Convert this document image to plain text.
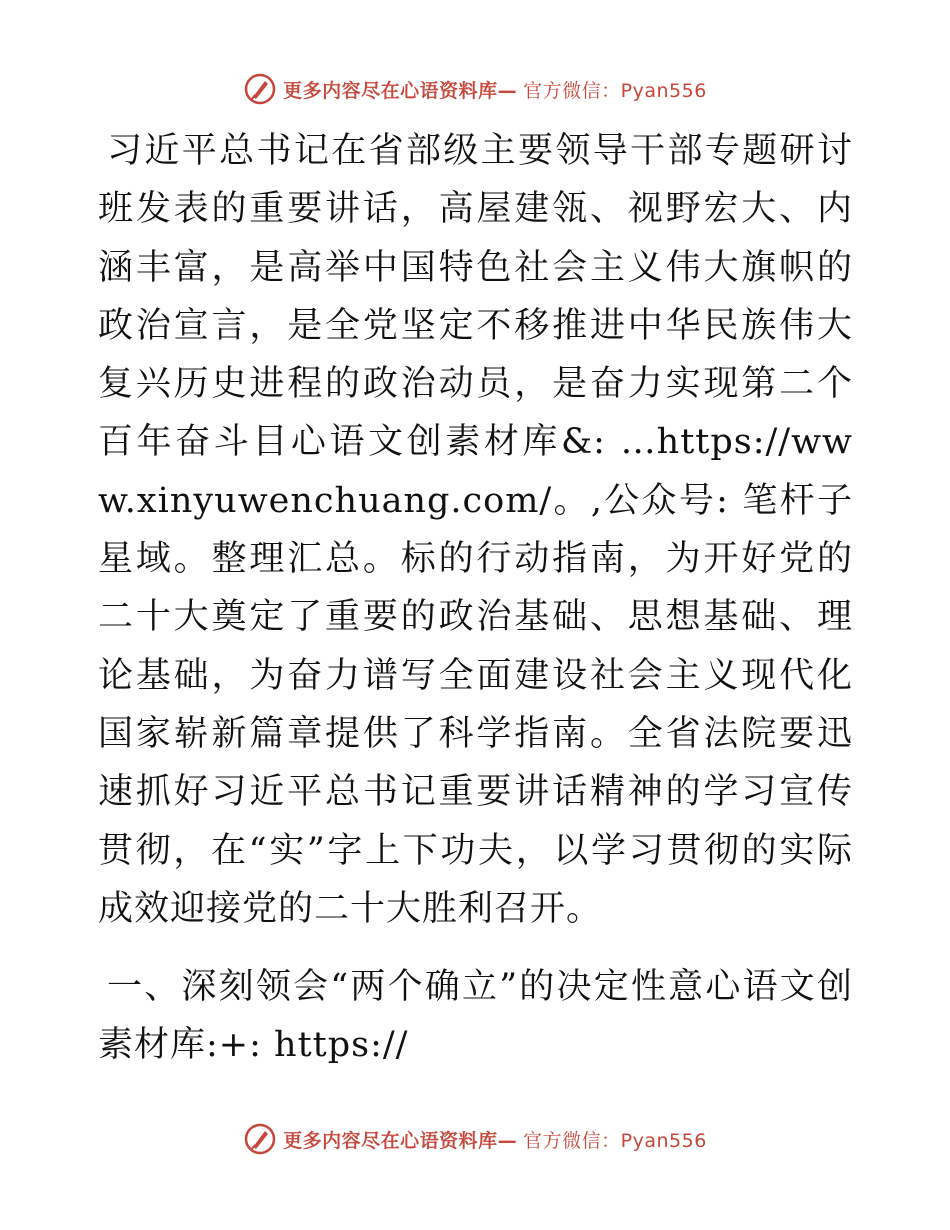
更多内容尽在心语资料库— 官方微信：Pyan556

习近平总书记在省部级主要领导干部专题研讨班发表的重要讲话，高屋建瓴、视野宏大、内涵丰富，是高举中国特色社会主义伟大旗帜的政治宣言，是全党坚定不移推进中华民族伟大复兴历史进程的政治动员，是奋力实现第二个百年奋斗目心语文创素材库&: …https://www.xinyuwenchuang.com/。,公众号: 笔杆子星域。整理汇总。标的行动指南，为开好党的二十大奠定了重要的政治基础、思想基础、理论基础，为奋力谱写全面建设社会主义现代化国家崭新篇章提供了科学指南。全省法院要迅速抓好习近平总书记重要讲话精神的学习宣传贯彻，在“实”字上下功夫，以学习贯彻的实际成效迎接党的二十大胜利召开。

一、深刻领会“两个确立”的决定性意心语文创素材库:+: https://

更多内容尽在心语资料库— 官方微信：Pyan556
